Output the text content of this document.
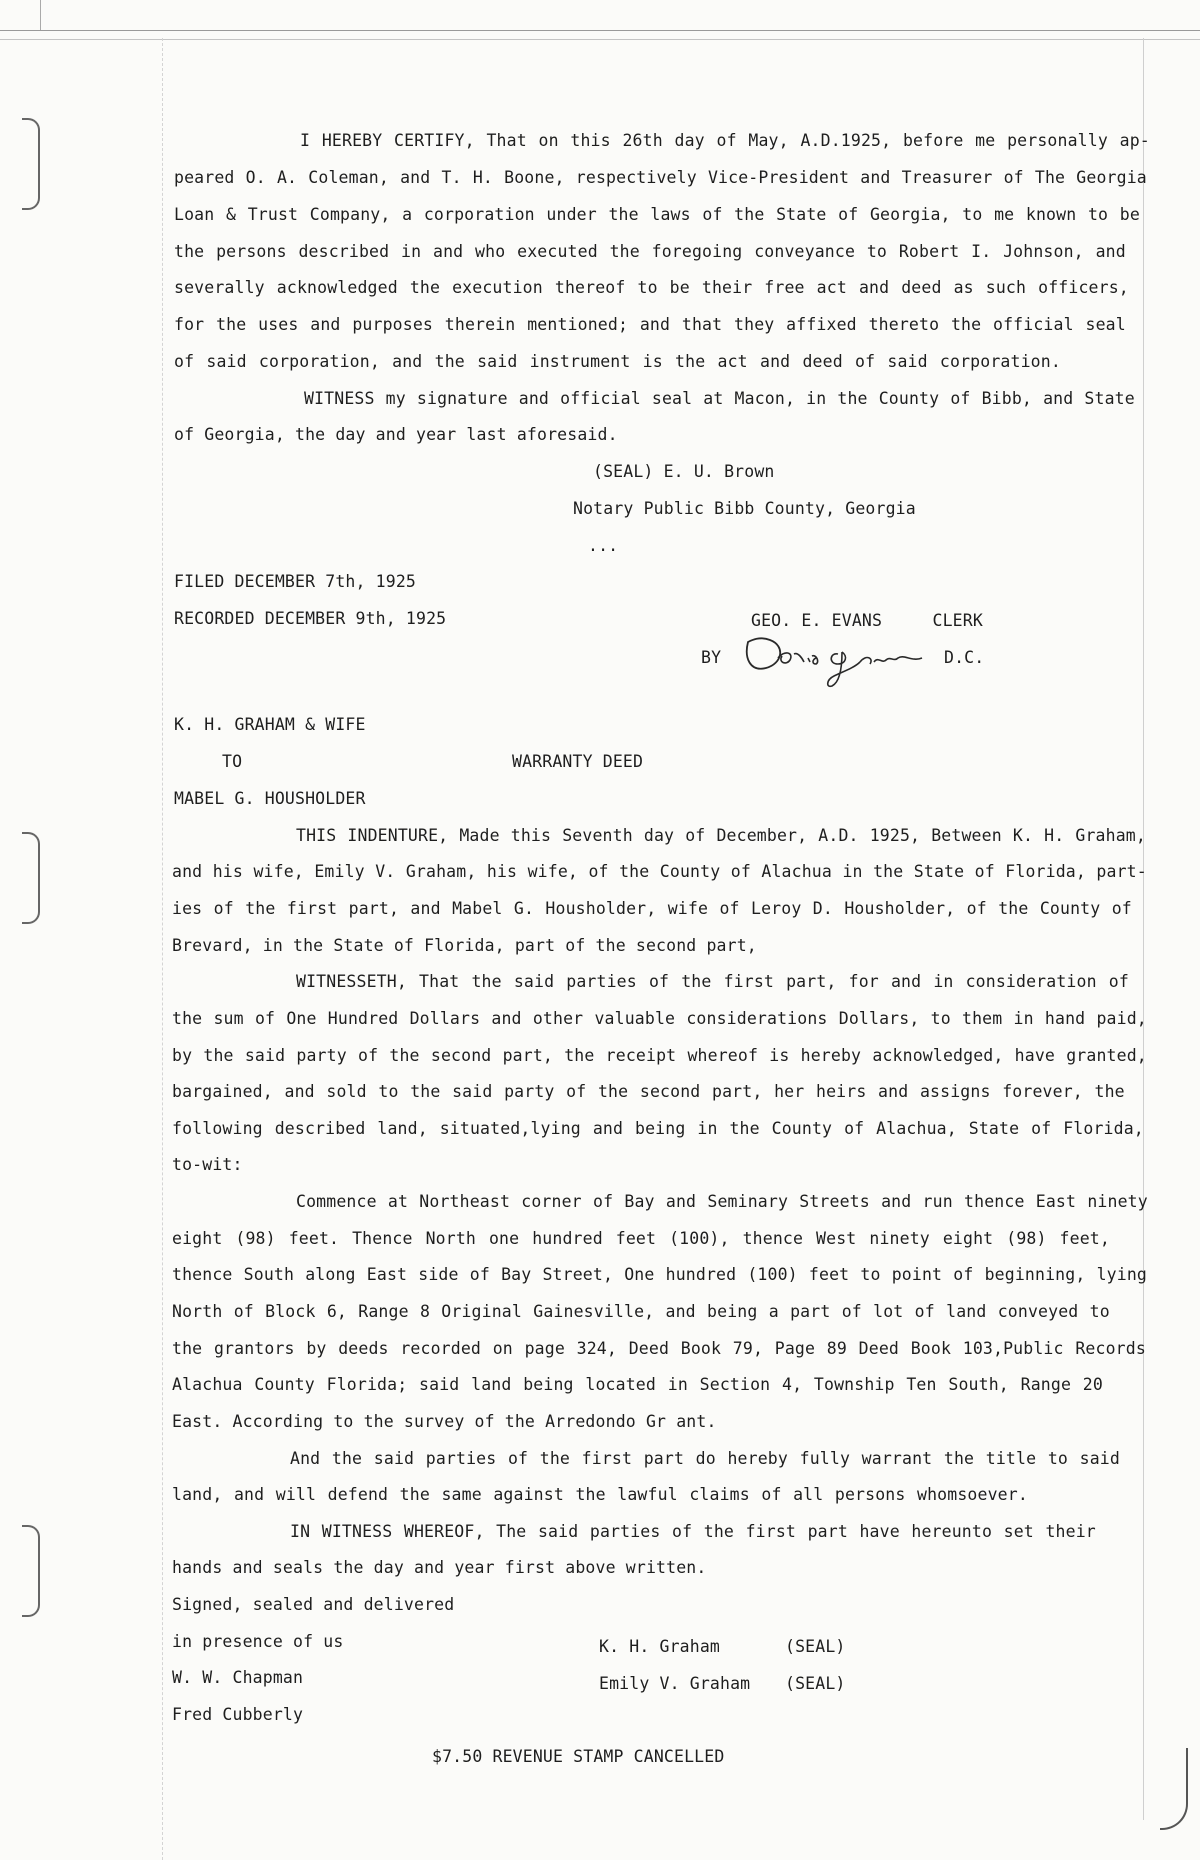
I HEREBY CERTIFY, That on this 26th day of May, A.D.1925, before me personally ap-
peared O. A. Coleman, and T. H. Boone, respectively Vice-President and Treasurer of The Georgia
Loan & Trust Company, a corporation under the laws of the State of Georgia, to me known to be
the persons described in and who executed the foregoing conveyance to Robert I. Johnson, and
severally acknowledged the execution thereof to be their free act and deed as such officers,
for the uses and purposes therein mentioned; and that they affixed thereto the official seal
of said corporation, and the said instrument is the act and deed of said corporation.
WITNESS my signature and official seal at Macon, in the County of Bibb, and State
of Georgia, the day and year last aforesaid.
(SEAL) E. U. Brown
Notary Public Bibb County, Georgia
...
FILED DECEMBER 7th, 1925
RECORDED DECEMBER 9th, 1925	GEO. E. EVANS     CLERK
BY	D.C.
K. H. GRAHAM & WIFE
TO	WARRANTY DEED
MABEL G. HOUSHOLDER
THIS INDENTURE, Made this Seventh day of December, A.D. 1925, Between K. H. Graham,
and his wife, Emily V. Graham, his wife, of the County of Alachua in the State of Florida, part-
ies of the first part, and Mabel G. Housholder, wife of Leroy D. Housholder, of the County of
Brevard, in the State of Florida, part of the second part,
WITNESSETH, That the said parties of the first part, for and in consideration of
the sum of One Hundred Dollars and other valuable considerations Dollars, to them in hand paid,
by the said party of the second part, the receipt whereof is hereby acknowledged, have granted,
bargained, and sold to the said party of the second part, her heirs and assigns forever, the
following described land, situated,lying and being in the County of Alachua, State of Florida,
to-wit:
Commence at Northeast corner of Bay and Seminary Streets and run thence East ninety
eight (98) feet. Thence North one hundred feet (100), thence West ninety eight (98) feet,
thence South along East side of Bay Street, One hundred (100) feet to point of beginning, lying
North of Block 6, Range 8 Original Gainesville, and being a part of lot of land conveyed to
the grantors by deeds recorded on page 324, Deed Book 79, Page 89 Deed Book 103,Public Records
Alachua County Florida; said land being located in Section 4, Township Ten South, Range 20
East. According to the survey of the Arredondo Gr ant.
And the said parties of the first part do hereby fully warrant the title to said
land, and will defend the same against the lawful claims of all persons whomsoever.
IN WITNESS WHEREOF, The said parties of the first part have hereunto set their
hands and seals the day and year first above written.
Signed, sealed and delivered
in presence of us
W. W. Chapman
Fred Cubberly
K. H. Graham	(SEAL)
Emily V. Graham (SEAL)
$7.50 REVENUE STAMP CANCELLED
